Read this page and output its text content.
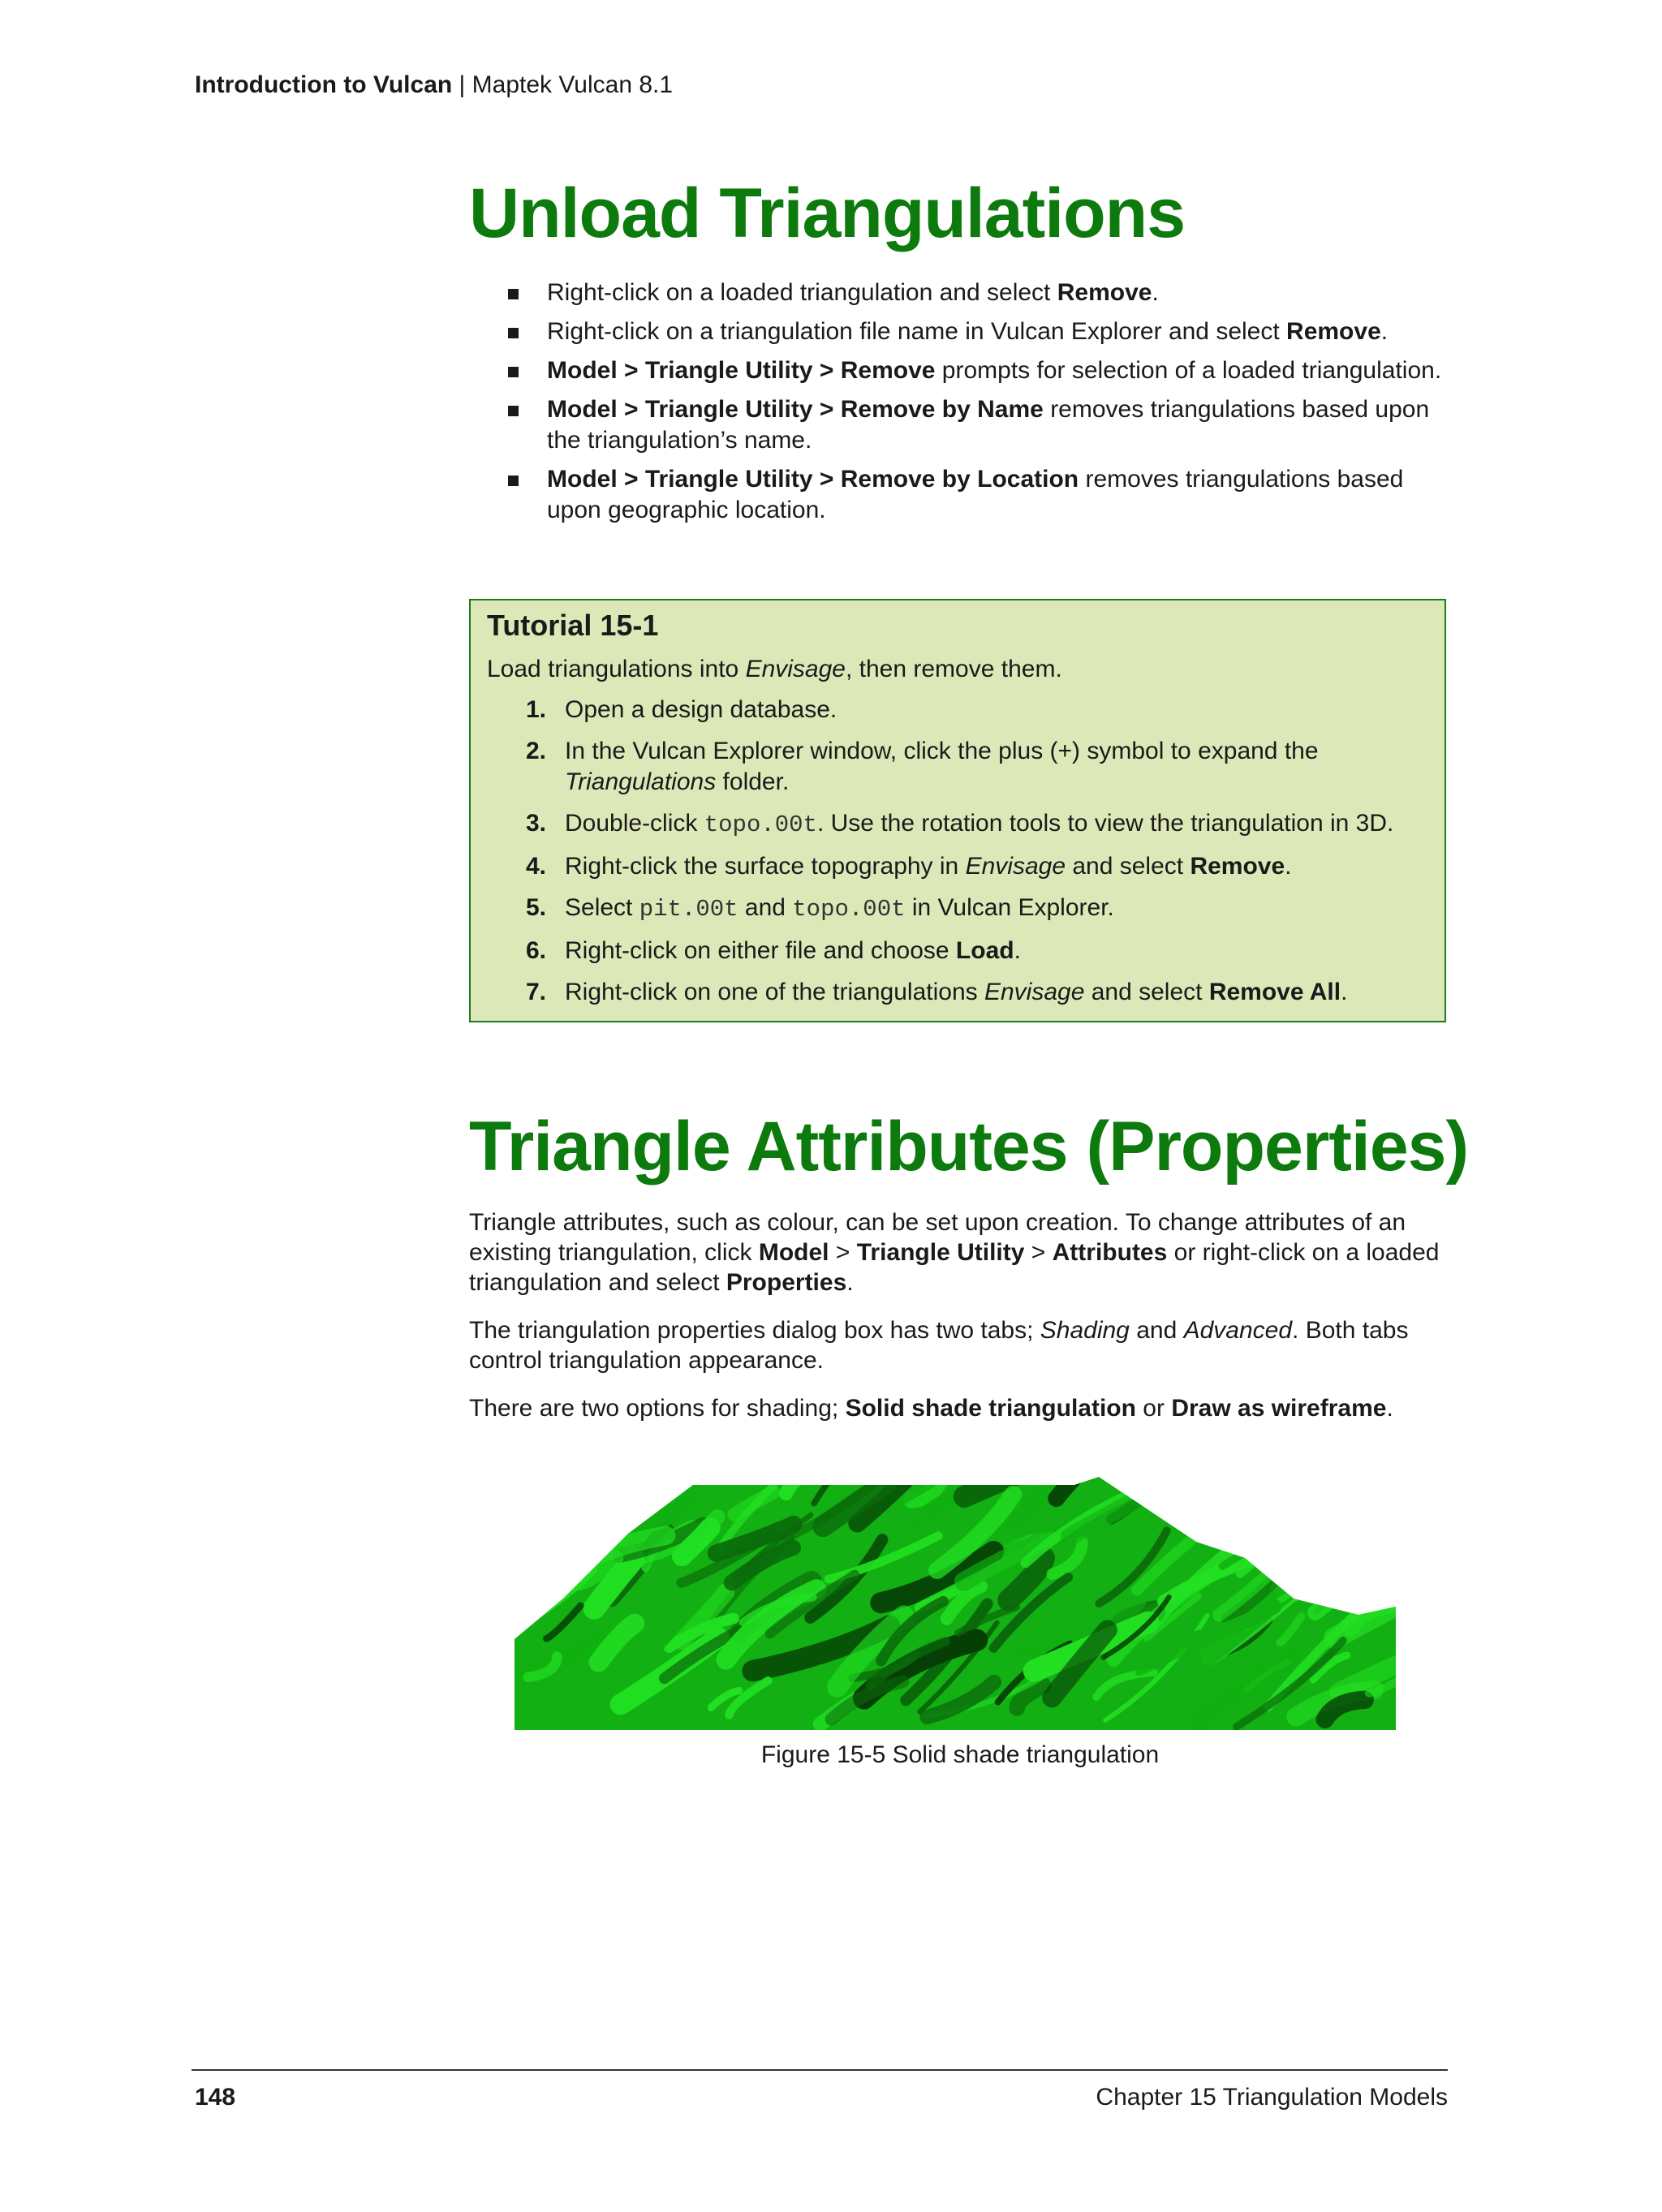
Introduction to Vulcan | Maptek Vulcan 8.1
Unload Triangulations
Right-click on a loaded triangulation and select Remove.
Right-click on a triangulation file name in Vulcan Explorer and select Remove.
Model > Triangle Utility > Remove prompts for selection of a loaded triangulation.
Model > Triangle Utility > Remove by Name removes triangulations based upon the triangulation’s name.
Model > Triangle Utility > Remove by Location removes triangulations based upon geographic location.
Tutorial 15-1
Load triangulations into Envisage, then remove them.
1. Open a design database.
2. In the Vulcan Explorer window, click the plus (+) symbol to expand the Triangulations folder.
3. Double-click topo.00t. Use the rotation tools to view the triangulation in 3D.
4. Right-click the surface topography in Envisage and select Remove.
5. Select pit.00t and topo.00t in Vulcan Explorer.
6. Right-click on either file and choose Load.
7. Right-click on one of the triangulations Envisage and select Remove All.
Triangle Attributes (Properties)

Triangle attributes, such as colour, can be set upon creation. To change attributes of an existing triangulation, click Model > Triangle Utility > Attributes or right-click on a loaded triangulation and select Properties.

The triangulation properties dialog box has two tabs; Shading and Advanced. Both tabs control triangulation appearance.

There are two options for shading; Solid shade triangulation or Draw as wireframe.

Figure 15-5 Solid shade triangulation
148	Chapter 15 Triangulation Models
